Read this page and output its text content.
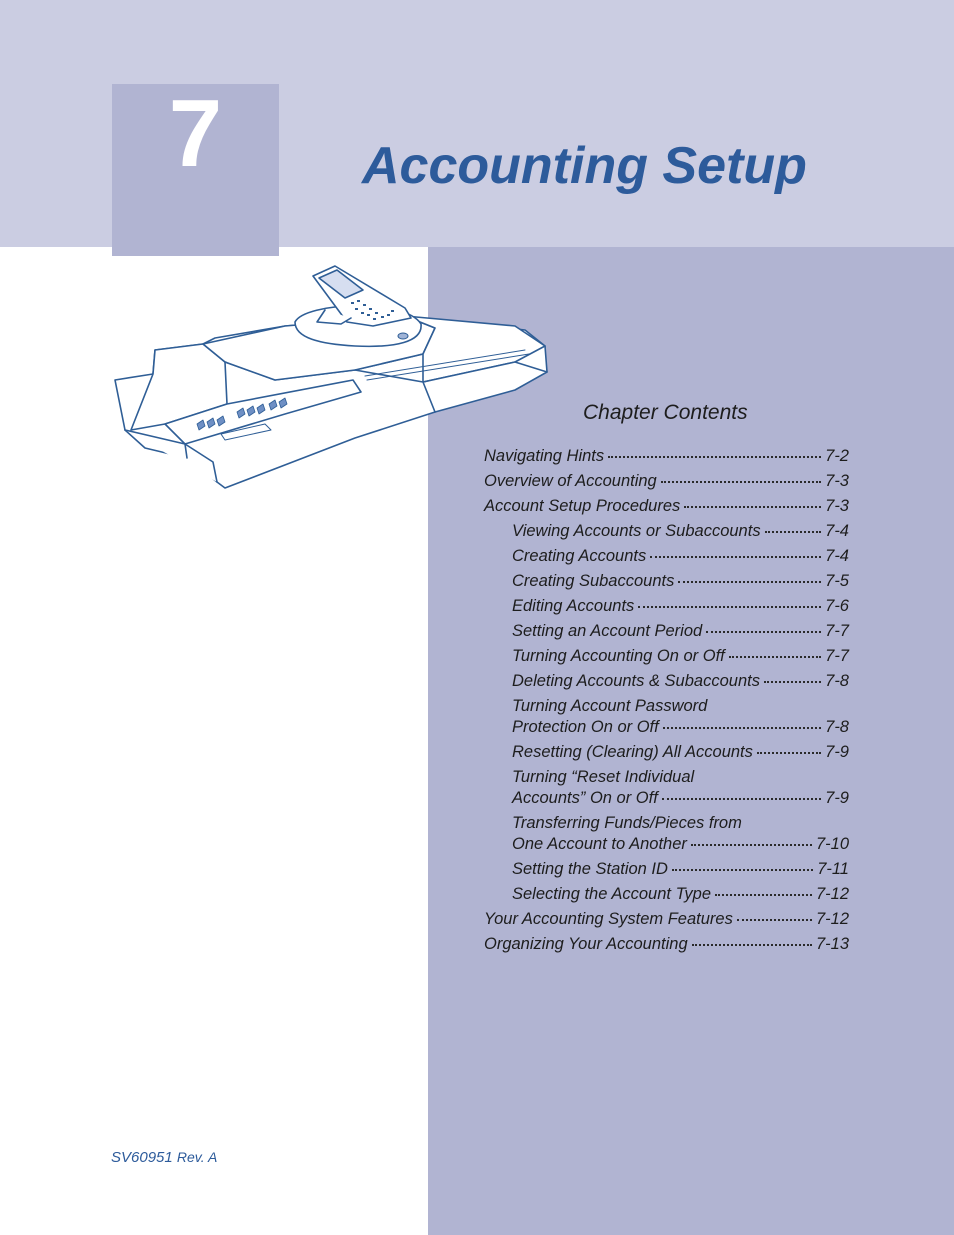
7	Accounting Setup
Chapter Contents
Navigating Hints	7-2
Overview of Accounting	7-3
Account Setup Procedures	7-3
Viewing Accounts or Subaccounts	7-4
Creating Accounts	7-4
Creating Subaccounts	7-5
Editing Accounts	7-6
Setting an Account Period	7-7
Turning Accounting On or Off	7-7
Deleting Accounts & Subaccounts	7-8
Turning Account Password
Protection On or Off	7-8
Resetting (Clearing) All Accounts	7-9
Turning “Reset Individual
Accounts” On or Off	7-9
Transferring Funds/Pieces from
One Account to Another	7-10
Setting the Station ID	7-11
Selecting the Account Type	7-12
Your Accounting System Features	7-12
Organizing Your Accounting	7-13
SV60951 Rev. A
